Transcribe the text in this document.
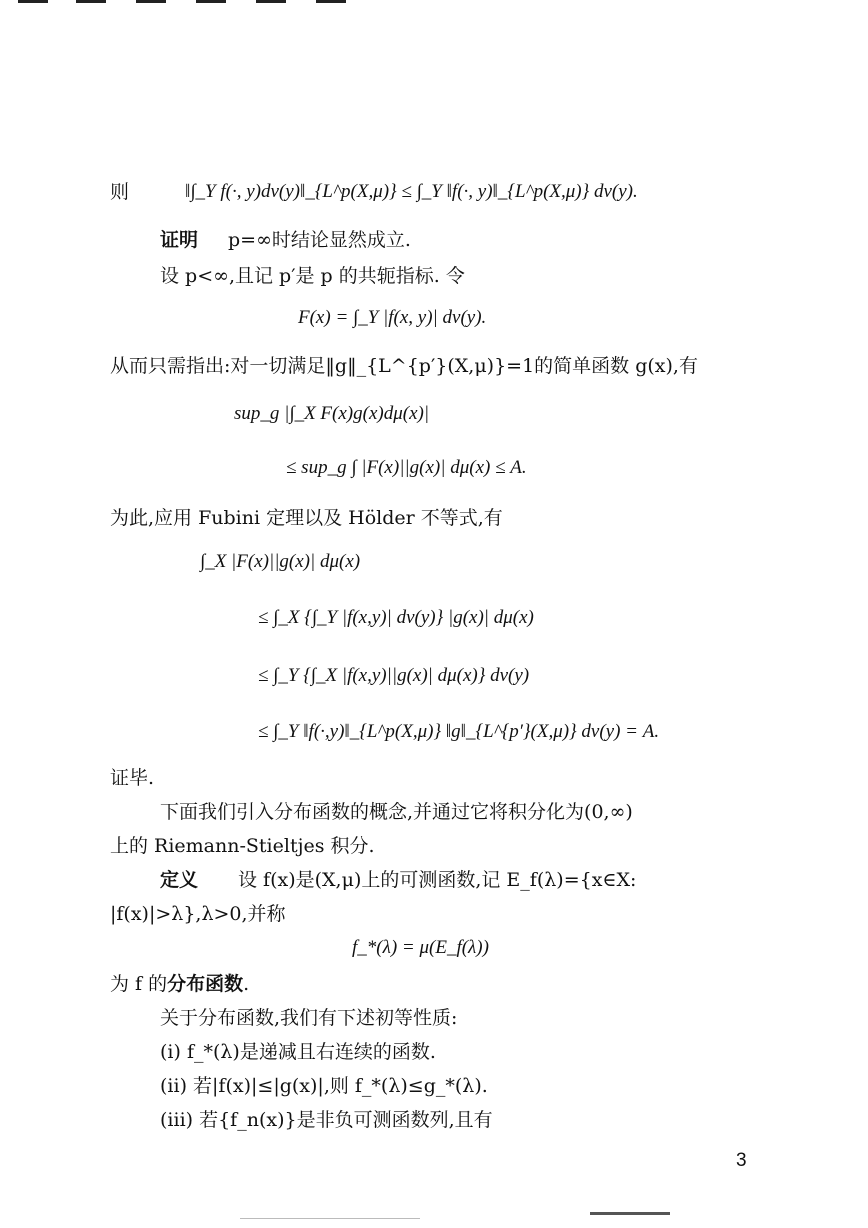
则	‖∫_Y f(·, y)dν(y)‖_{L^p(X,μ)} ≤ ∫_Y ‖f(·, y)‖_{L^p(X,μ)} dν(y).
证明 p=∞时结论显然成立.
设 p<∞,且记 p′是 p 的共轭指标. 令
F(x) = ∫_Y |f(x, y)| dν(y).
从而只需指出:对一切满足‖g‖_{L^{p′}(X,μ)}=1的简单函数 g(x),有
sup_g |∫_X F(x)g(x)dμ(x)|
≤ sup_g ∫ |F(x)||g(x)| dμ(x) ≤ A.
为此,应用 Fubini 定理以及 Hölder 不等式,有
∫_X |F(x)||g(x)| dμ(x)
≤ ∫_X {∫_Y |f(x,y)| dν(y)} |g(x)| dμ(x)
≤ ∫_Y {∫_X |f(x,y)||g(x)| dμ(x)} dν(y)
≤ ∫_Y ‖f(·,y)‖_{L^p(X,μ)} ‖g‖_{L^{p′}(X,μ)} dν(y) = A.
证毕.
下面我们引入分布函数的概念,并通过它将积分化为(0,∞)
上的 Riemann-Stieltjes 积分.
定义 设 f(x)是(X,μ)上的可测函数,记 E_f(λ)={x∈X:
|f(x)|>λ},λ>0,并称
f_*(λ) = μ(E_f(λ))
为 f 的分布函数.
关于分布函数,我们有下述初等性质:
(i) f_*(λ)是递减且右连续的函数.
(ii) 若|f(x)|≤|g(x)|,则 f_*(λ)≤g_*(λ).
(iii) 若{f_n(x)}是非负可测函数列,且有
3
